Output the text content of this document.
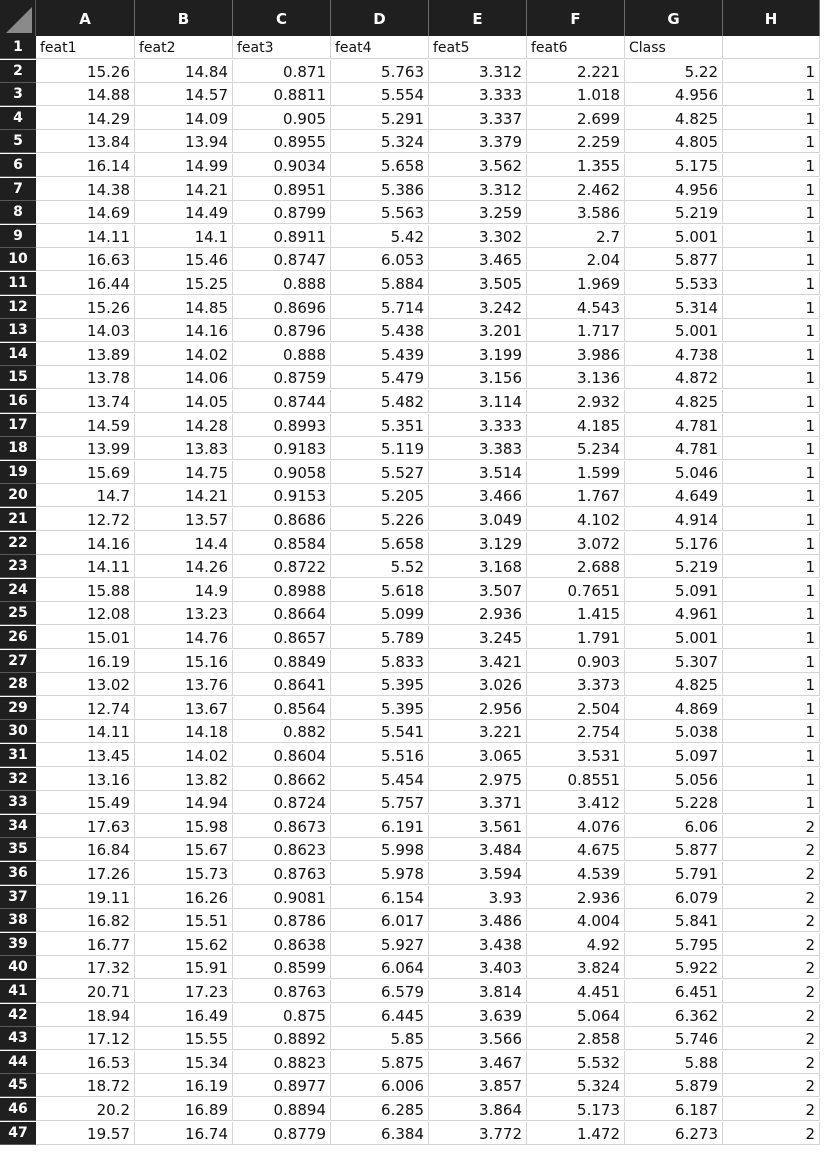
A	B	C	D	E	F	G	H
1	feat1	feat2	feat3	feat4	feat5	feat6	Class
2	15.26	14.84	0.871	5.763	3.312	2.221	5.22	1
3	14.88	14.57	0.8811	5.554	3.333	1.018	4.956	1
4	14.29	14.09	0.905	5.291	3.337	2.699	4.825	1
5	13.84	13.94	0.8955	5.324	3.379	2.259	4.805	1
6	16.14	14.99	0.9034	5.658	3.562	1.355	5.175	1
7	14.38	14.21	0.8951	5.386	3.312	2.462	4.956	1
8	14.69	14.49	0.8799	5.563	3.259	3.586	5.219	1
9	14.11	14.1	0.8911	5.42	3.302	2.7	5.001	1
10	16.63	15.46	0.8747	6.053	3.465	2.04	5.877	1
11	16.44	15.25	0.888	5.884	3.505	1.969	5.533	1
12	15.26	14.85	0.8696	5.714	3.242	4.543	5.314	1
13	14.03	14.16	0.8796	5.438	3.201	1.717	5.001	1
14	13.89	14.02	0.888	5.439	3.199	3.986	4.738	1
15	13.78	14.06	0.8759	5.479	3.156	3.136	4.872	1
16	13.74	14.05	0.8744	5.482	3.114	2.932	4.825	1
17	14.59	14.28	0.8993	5.351	3.333	4.185	4.781	1
18	13.99	13.83	0.9183	5.119	3.383	5.234	4.781	1
19	15.69	14.75	0.9058	5.527	3.514	1.599	5.046	1
20	14.7	14.21	0.9153	5.205	3.466	1.767	4.649	1
21	12.72	13.57	0.8686	5.226	3.049	4.102	4.914	1
22	14.16	14.4	0.8584	5.658	3.129	3.072	5.176	1
23	14.11	14.26	0.8722	5.52	3.168	2.688	5.219	1
24	15.88	14.9	0.8988	5.618	3.507	0.7651	5.091	1
25	12.08	13.23	0.8664	5.099	2.936	1.415	4.961	1
26	15.01	14.76	0.8657	5.789	3.245	1.791	5.001	1
27	16.19	15.16	0.8849	5.833	3.421	0.903	5.307	1
28	13.02	13.76	0.8641	5.395	3.026	3.373	4.825	1
29	12.74	13.67	0.8564	5.395	2.956	2.504	4.869	1
30	14.11	14.18	0.882	5.541	3.221	2.754	5.038	1
31	13.45	14.02	0.8604	5.516	3.065	3.531	5.097	1
32	13.16	13.82	0.8662	5.454	2.975	0.8551	5.056	1
33	15.49	14.94	0.8724	5.757	3.371	3.412	5.228	1
34	17.63	15.98	0.8673	6.191	3.561	4.076	6.06	2
35	16.84	15.67	0.8623	5.998	3.484	4.675	5.877	2
36	17.26	15.73	0.8763	5.978	3.594	4.539	5.791	2
37	19.11	16.26	0.9081	6.154	3.93	2.936	6.079	2
38	16.82	15.51	0.8786	6.017	3.486	4.004	5.841	2
39	16.77	15.62	0.8638	5.927	3.438	4.92	5.795	2
40	17.32	15.91	0.8599	6.064	3.403	3.824	5.922	2
41	20.71	17.23	0.8763	6.579	3.814	4.451	6.451	2
42	18.94	16.49	0.875	6.445	3.639	5.064	6.362	2
43	17.12	15.55	0.8892	5.85	3.566	2.858	5.746	2
44	16.53	15.34	0.8823	5.875	3.467	5.532	5.88	2
45	18.72	16.19	0.8977	6.006	3.857	5.324	5.879	2
46	20.2	16.89	0.8894	6.285	3.864	5.173	6.187	2
47	19.57	16.74	0.8779	6.384	3.772	1.472	6.273	2
